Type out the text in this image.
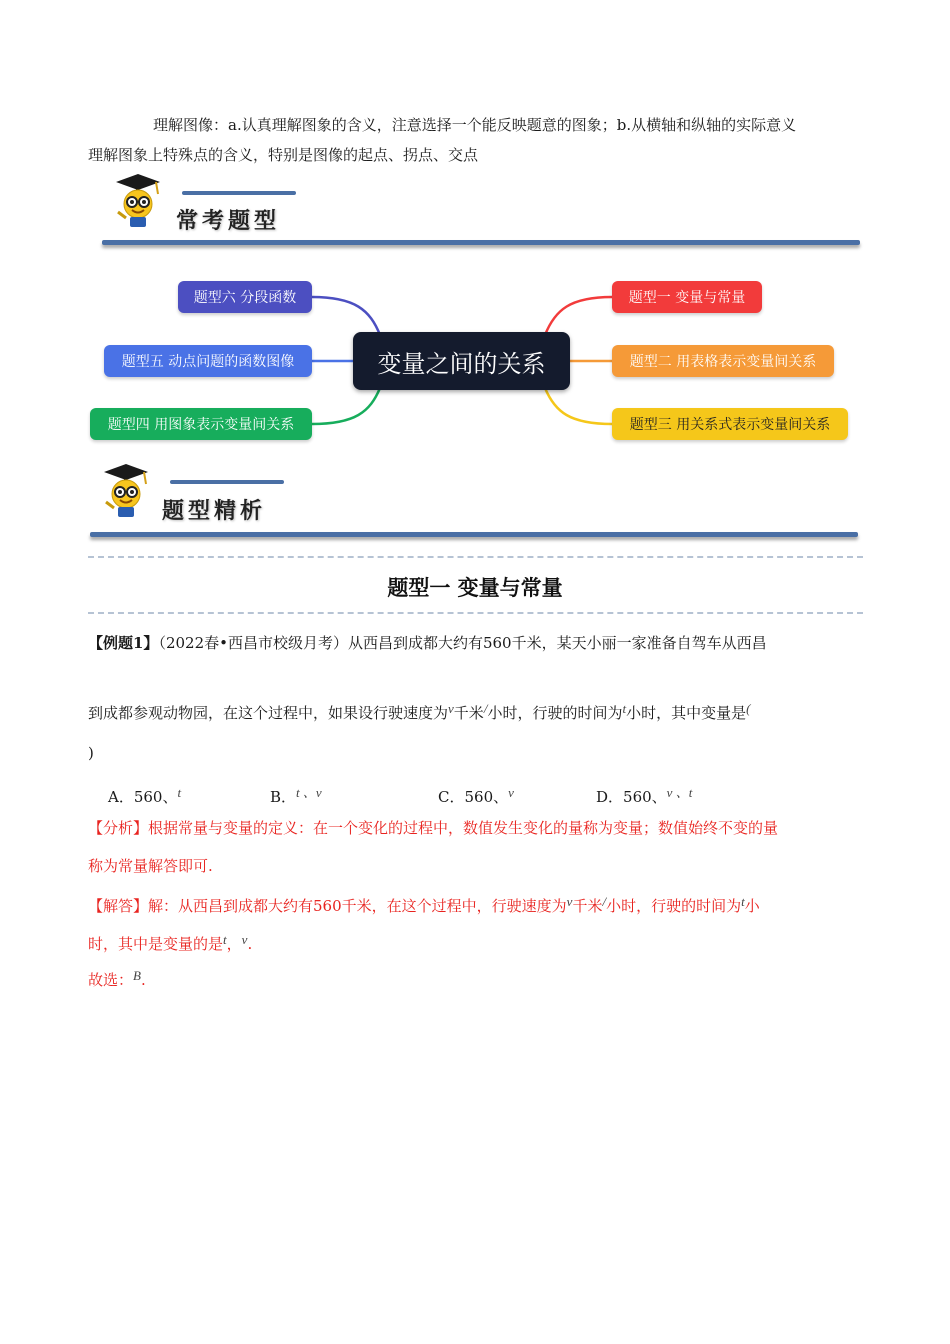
理解图像：a.认真理解图象的含义，注意选择一个能反映题意的图象；b.从横轴和纵轴的实际意义
理解图象上特殊点的含义，特别是图像的起点、拐点、交点
常考题型
变量之间的关系
题型六 分段函数
题型五 动点问题的函数图像
题型四 用图象表示变量间关系
题型一 变量与常量
题型二 用表格表示变量间关系
题型三 用关系式表示变量间关系
题型精析
题型一 变量与常量
【例题1】（2022春•西昌市校级月考）从西昌到成都大约有560千米，某天小丽一家准备自驾车从西昌
到成都参观动物园，在这个过程中，如果设行驶速度为v千米/小时，行驶的时间为t小时，其中变量是(
)
A．560、t	B．t 、v	C．560、v	D．560、v 、t
【分析】根据常量与变量的定义：在一个变化的过程中，数值发生变化的量称为变量；数值始终不变的量
称为常量解答即可.
【解答】解：从西昌到成都大约有560千米，在这个过程中，行驶速度为v千米/小时，行驶的时间为t小
时，其中是变量的是t，v.
故选：B.
